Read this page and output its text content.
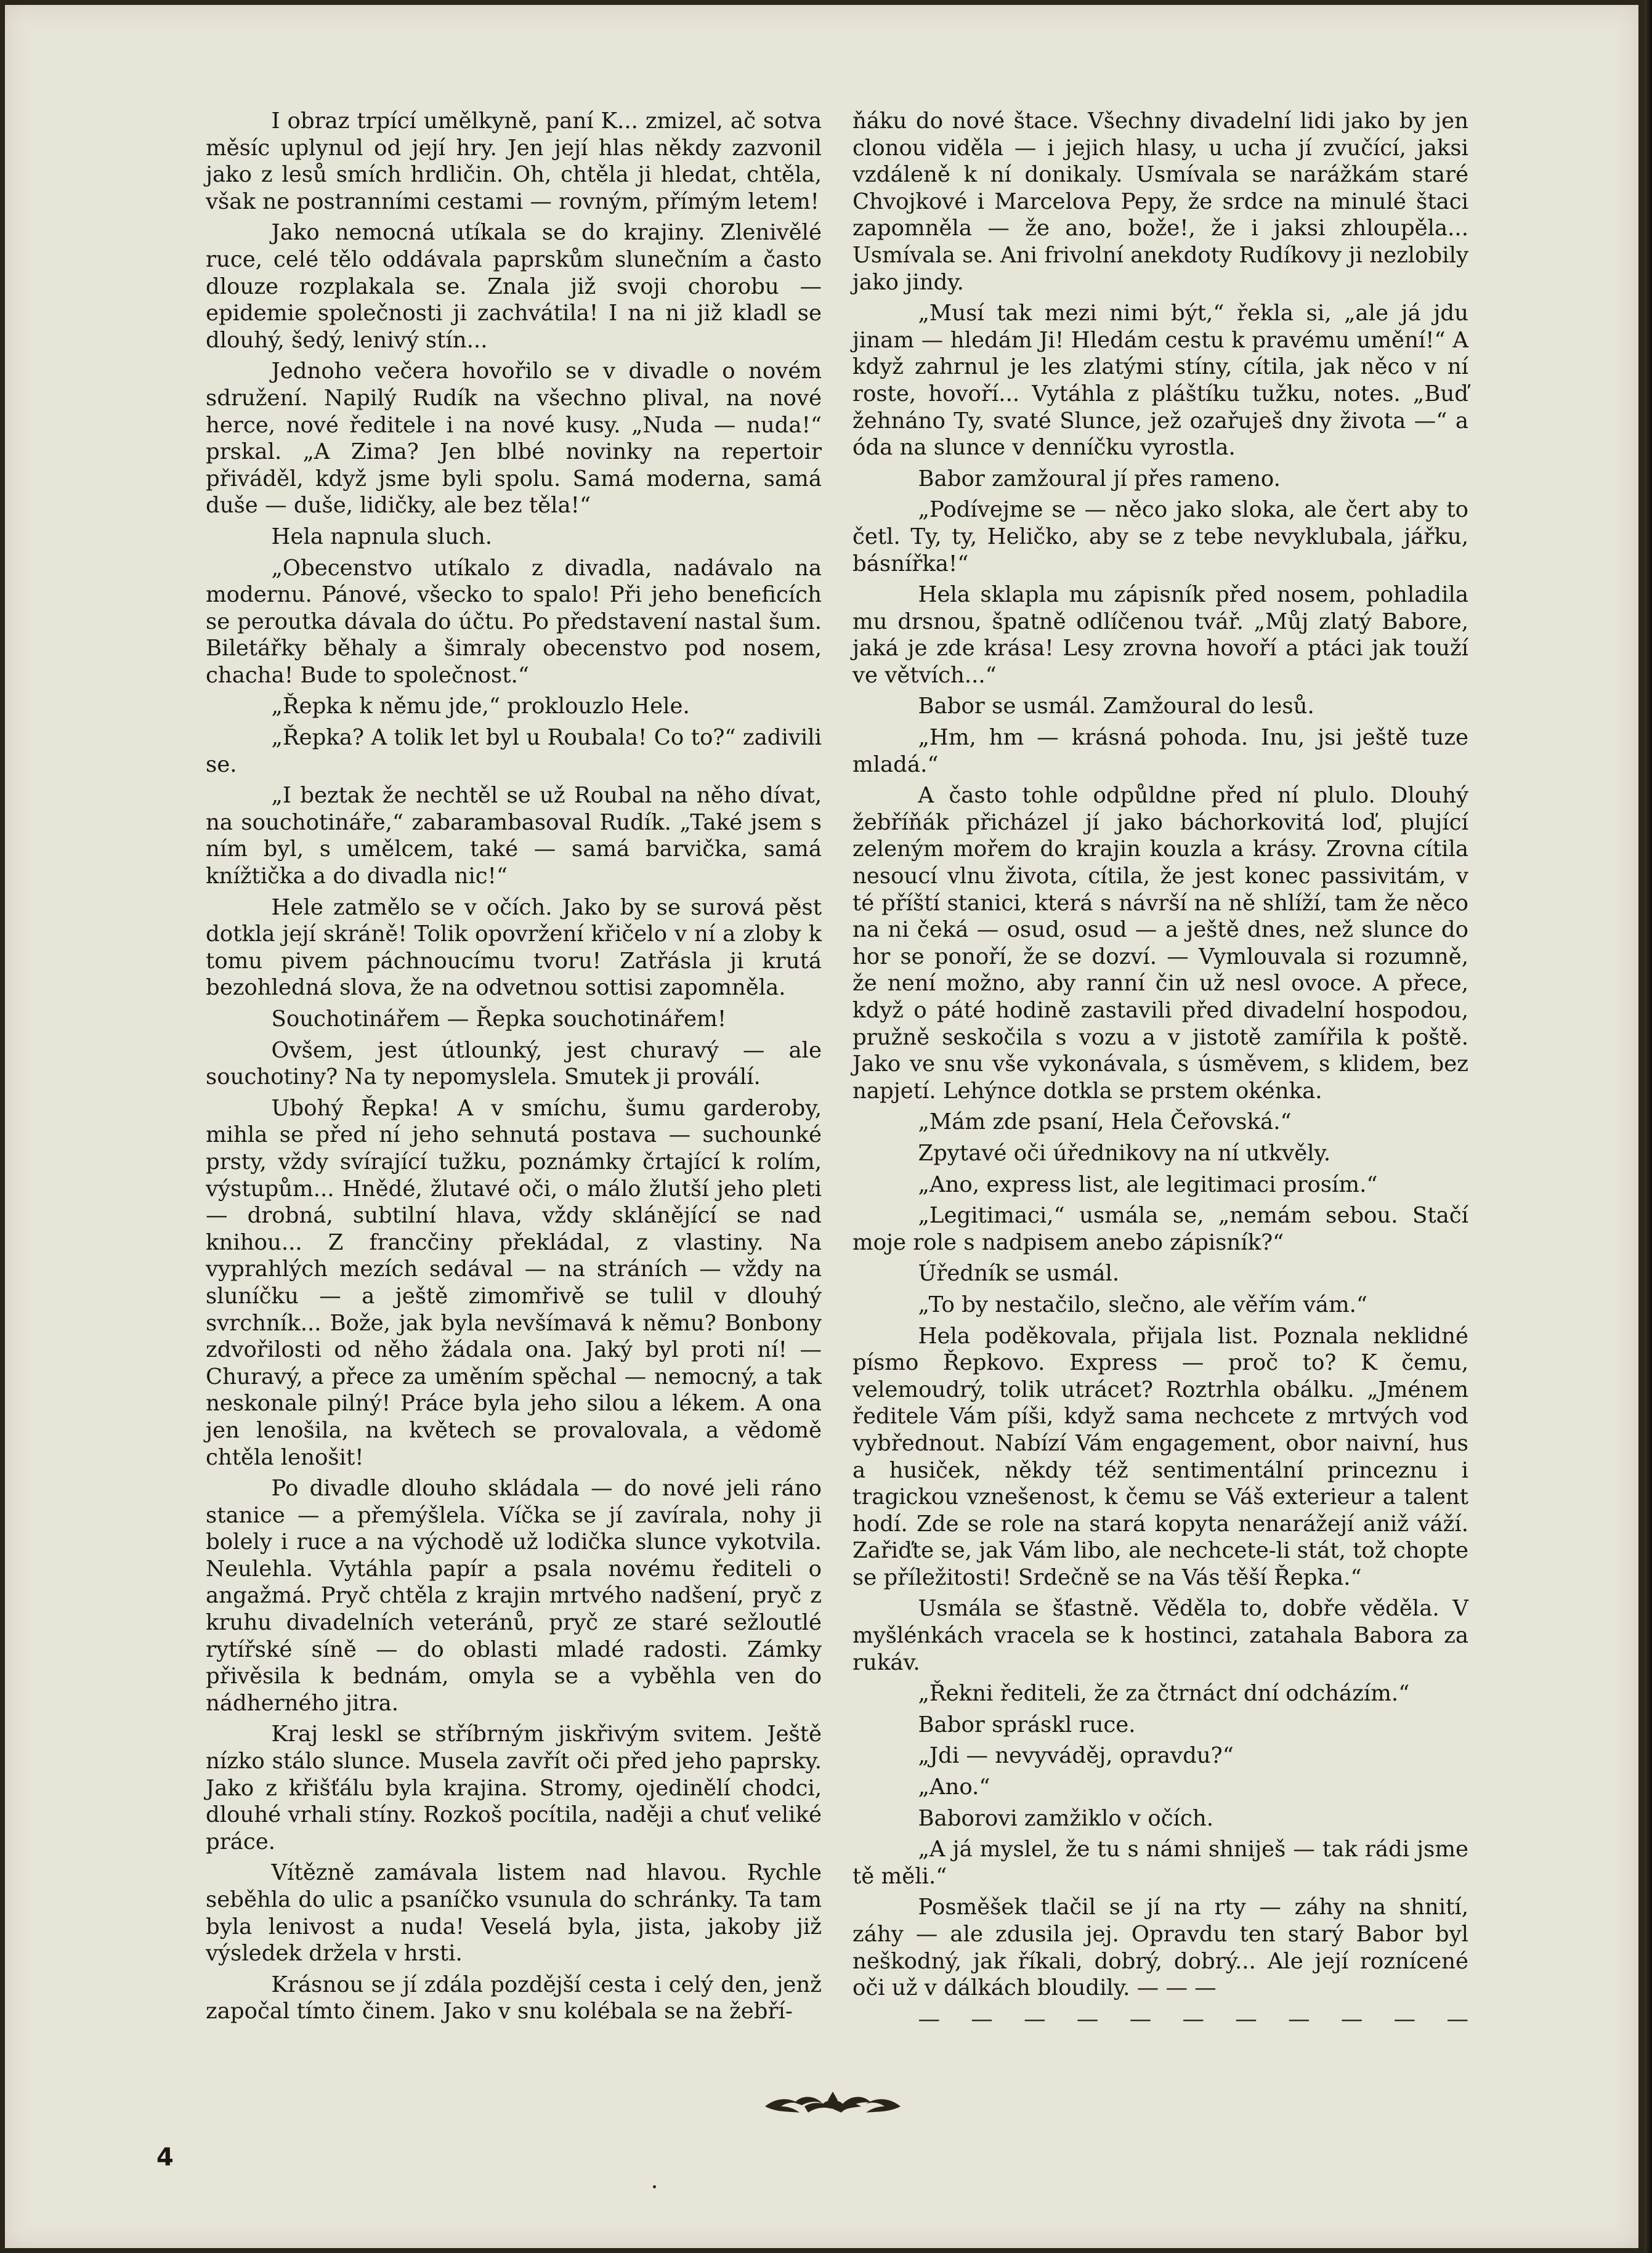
I obraz trpící umělkyně, paní K... zmizel, ač sotva měsíc uplynul od její hry. Jen její hlas někdy zazvonil jako z lesů smích hrdličin. Oh, chtěla ji hledat, chtěla, však ne postranními cestami — rovným, přímým letem!

Jako nemocná utíkala se do krajiny. Zlenivělé ruce, celé tělo oddávala paprskům slunečním a často dlouze rozplakala se. Znala již svoji chorobu — epidemie společnosti ji zachvátila! I na ni již kladl se dlouhý, šedý, lenivý stín...

Jednoho večera hovořilo se v divadle o novém sdružení. Napilý Rudík na všechno plival, na nové herce, nové ředitele i na nové kusy. „Nuda — nuda!“ prskal. „A Zima? Jen blbé novinky na repertoir přiváděl, když jsme byli spolu. Samá moderna, samá duše — duše, lidičky, ale bez těla!“

Hela napnula sluch.

„Obecenstvo utíkalo z divadla, nadávalo na modernu. Pánové, všecko to spalo! Při jeho beneficích se peroutka dávala do účtu. Po představení nastal šum. Biletářky běhaly a šimraly obecenstvo pod nosem, chacha! Bude to společnost.“

„Řepka k němu jde,“ proklouzlo Hele.

„Řepka? A tolik let byl u Roubala! Co to?“ zadivili se.

„I beztak že nechtěl se už Roubal na něho dívat, na souchotináře,“ zabarambasoval Rudík. „Také jsem s ním byl, s umělcem, také — samá barvička, samá knížtička a do divadla nic!“

Hele zatmělo se v očích. Jako by se surová pěst dotkla její skráně! Tolik opovržení křičelo v ní a zloby k tomu pivem páchnoucímu tvoru! Zatřásla ji krutá bezohledná slova, že na odvetnou sottisi zapomněla.

Souchotinářem — Řepka souchotinářem!

Ovšem, jest útlounký, jest churavý — ale souchotiny? Na ty nepomyslela. Smutek ji proválí.

Ubohý Řepka! A v smíchu, šumu garderoby, mihla se před ní jeho sehnutá postava — suchounké prsty, vždy svírající tužku, poznámky črtající k rolím, výstupům... Hnědé, žlutavé oči, o málo žlutší jeho pleti — drobná, subtilní hlava, vždy sklánějící se nad knihou... Z francčiny překládal, z vlastiny. Na vyprahlých mezích sedával — na stráních — vždy na sluníčku — a ještě zimomřivě se tulil v dlouhý svrchník... Bože, jak byla nevšímavá k němu? Bonbony zdvořilosti od něho žádala ona. Jaký byl proti ní! — Churavý, a přece za uměním spěchal — nemocný, a tak neskonale pilný! Práce byla jeho silou a lékem. A ona jen lenošila, na květech se provalovala, a vědomě chtěla lenošit!

Po divadle dlouho skládala — do nové jeli ráno stanice — a přemýšlela. Víčka se jí zavírala, nohy ji bolely i ruce a na východě už lodička slunce vykotvila. Neulehla. Vytáhla papír a psala novému řediteli o angažmá. Pryč chtěla z krajin mrtvého nadšení, pryč z kruhu divadelních veteránů, pryč ze staré sežloutlé rytířské síně — do oblasti mladé radosti. Zámky přivěsila k bednám, omyla se a vyběhla ven do nádherného jitra.

Kraj leskl se stříbrným jiskřivým svitem. Ještě nízko stálo slunce. Musela zavřít oči před jeho paprsky. Jako z křišťálu byla krajina. Stromy, ojedinělí chodci, dlouhé vrhali stíny. Rozkoš pocítila, naději a chuť veliké práce.

Vítězně zamávala listem nad hlavou. Rychle seběhla do ulic a psaníčko vsunula do schránky. Ta tam byla lenivost a nuda! Veselá byla, jista, jakoby již výsledek držela v hrsti.

Krásnou se jí zdála pozdější cesta i celý den, jenž započal tímto činem. Jako v snu kolébala se na žebří-

ňáku do nové štace. Všechny divadelní lidi jako by jen clonou viděla — i jejich hlasy, u ucha jí zvučící, jaksi vzdáleně k ní donikaly. Usmívala se narážkám staré Chvojkové i Marcelova Pepy, že srdce na minulé štaci zapomněla — že ano, bože!, že i jaksi zhloupěla... Usmívala se. Ani frivolní anekdoty Rudíkovy ji nezlobily jako jindy.

„Musí tak mezi nimi být,“ řekla si, „ale já jdu jinam — hledám Ji! Hledám cestu k pravému umění!“ A když zahrnul je les zlatými stíny, cítila, jak něco v ní roste, hovoří... Vytáhla z pláštíku tužku, notes. „Buď žehnáno Ty, svaté Slunce, jež ozařuješ dny života —“ a óda na slunce v denníčku vyrostla.

Babor zamžoural jí přes rameno.

„Podívejme se — něco jako sloka, ale čert aby to četl. Ty, ty, Heličko, aby se z tebe nevyklubala, jářku, básnířka!“

Hela sklapla mu zápisník před nosem, pohladila mu drsnou, špatně odlíčenou tvář. „Můj zlatý Babore, jaká je zde krása! Lesy zrovna hovoří a ptáci jak touží ve větvích...“

Babor se usmál. Zamžoural do lesů.

„Hm, hm — krásná pohoda. Inu, jsi ještě tuze mladá.“

A často tohle odpůldne před ní plulo. Dlouhý žebříňák přicházel jí jako báchorkovitá loď, plující zeleným mořem do krajin kouzla a krásy. Zrovna cítila nesoucí vlnu života, cítila, že jest konec passivitám, v té příští stanici, která s návrší na ně shlíží, tam že něco na ni čeká — osud, osud — a ještě dnes, než slunce do hor se ponoří, že se dozví. — Vymlouvala si rozumně, že není možno, aby ranní čin už nesl ovoce. A přece, když o páté hodině zastavili před divadelní hospodou, pružně seskočila s vozu a v jistotě zamířila k poště. Jako ve snu vše vykonávala, s úsměvem, s klidem, bez napjetí. Lehýnce dotkla se prstem okénka.

„Mám zde psaní, Hela Čeřovská.“

Zpytavé oči úřednikovy na ní utkvěly.

„Ano, express list, ale legitimaci prosím.“

„Legitimaci,“ usmála se, „nemám sebou. Stačí moje role s nadpisem anebo zápisník?“

Úředník se usmál.

„To by nestačilo, slečno, ale věřím vám.“

Hela poděkovala, přijala list. Poznala neklidné písmo Řepkovo. Express — proč to? K čemu, velemoudrý, tolik utrácet? Roztrhla obálku. „Jménem ředitele Vám píši, když sama nechcete z mrtvých vod vybřednout. Nabízí Vám engagement, obor naivní, hus a husiček, někdy též sentimentální princeznu i tragickou vznešenost, k čemu se Váš exterieur a talent hodí. Zde se role na stará kopyta nenarážejí aniž váží. Zařiďte se, jak Vám libo, ale nechcete-li stát, tož chopte se příležitosti! Srdečně se na Vás těší Řepka.“

Usmála se šťastně. Věděla to, dobře věděla. V myšlénkách vracela se k hostinci, zatahala Babora za rukáv.

„Řekni řediteli, že za čtrnáct dní odcházím.“

Babor spráskl ruce.

„Jdi — nevyváděj, opravdu?“

„Ano.“

Baborovi zamžiklo v očích.

„A já myslel, že tu s námi shniješ — tak rádi jsme tě měli.“

Posměšek tlačil se jí na rty — záhy na shnití, záhy — ale zdusila jej. Opravdu ten starý Babor byl neškodný, jak říkali, dobrý, dobrý... Ale její roznícené oči už v dálkách bloudily. — — —

— — — — — — — — — — —

4
